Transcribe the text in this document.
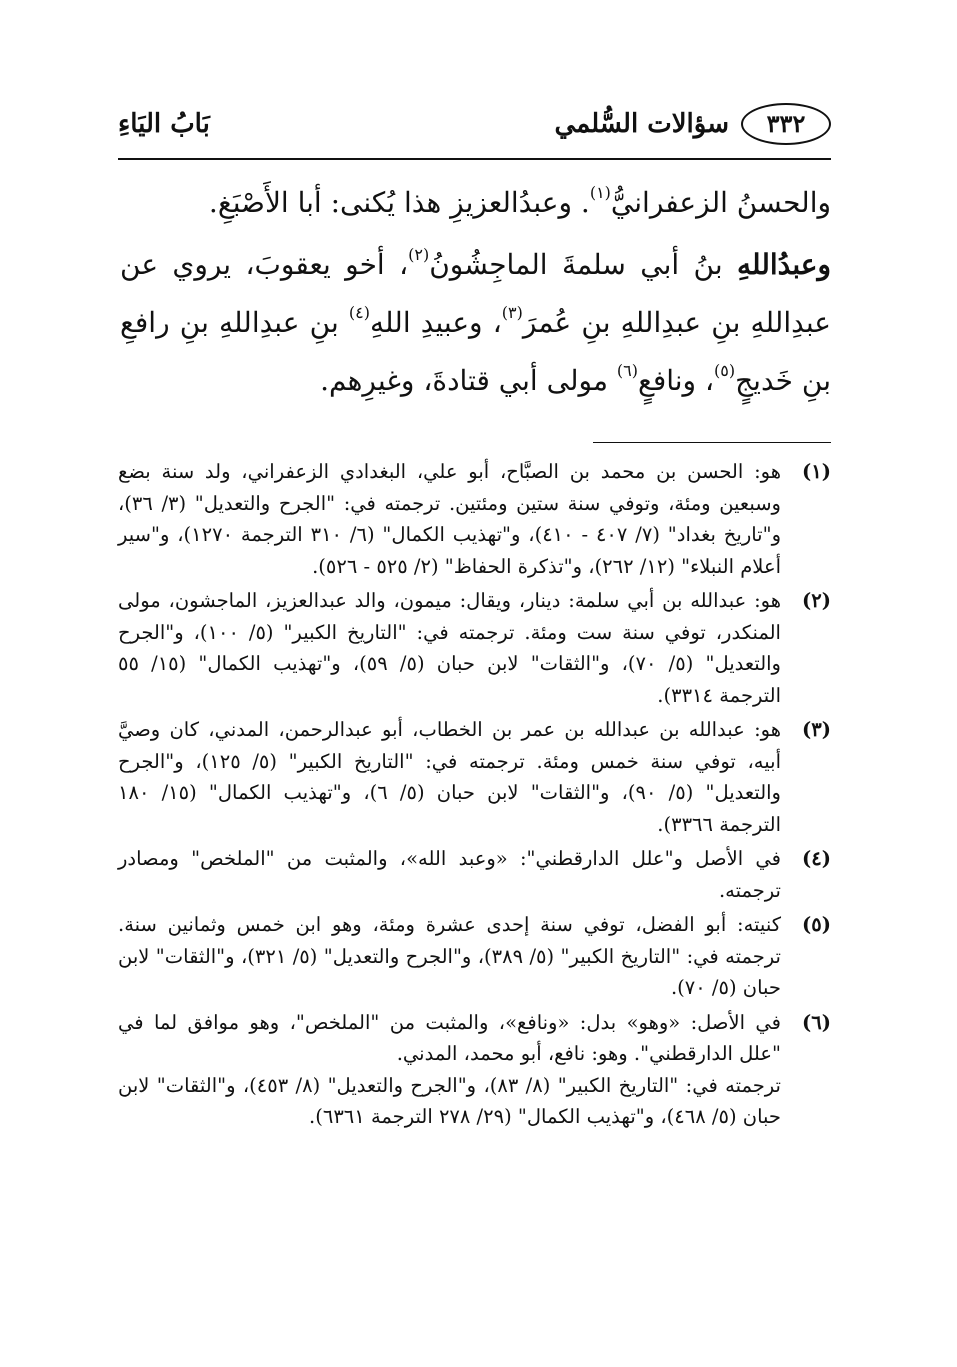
٣٣٢
سؤالات السُّلمي
بَابُ اليَاءِ

والحسنُ الزعفرانيُّ$^{(١)}$. وعبدُالعزيزِ هذا يُكنى: أبا الأَصْبَغِ.

وعبدُاللهِ بنُ أبي سلمةَ الماجِشُونُ$^{(٢)}$، أخو يعقوبَ، يروي عن عبدِاللهِ بنِ عبدِاللهِ بنِ عُمرَ$^{(٣)}$، وعبيدِ اللهِ$^{(٤)}$ بنِ عبدِاللهِ بنِ رافعِ بنِ خَديجٍ$^{(٥)}$، ونافعٍ$^{(٦)}$ مولى أبي قتادةَ، وغيرِهم.

(١)
هو: الحسن بن محمد بن الصبَّاح، أبو علي، البغدادي الزعفراني، ولد سنة بضع وسبعين ومئة، وتوفي سنة ستين ومئتين. ترجمته في: "الجرح والتعديل" (٣/ ٣٦)، و"تاريخ بغداد" (٧/ ٤٠٧ - ٤١٠)، و"تهذيب الكمال" (٦/ ٣١٠ الترجمة ١٢٧٠)، و"سير أعلام النبلاء" (١٢/ ٢٦٢)، و"تذكرة الحفاظ" (٢/ ٥٢٥ - ٥٢٦).
(٢)
هو: عبدالله بن أبي سلمة: دينار، ويقال: ميمون، والد عبدالعزيز، الماجشون، مولى المنكدر، توفي سنة ست ومئة. ترجمته في: "التاريخ الكبير" (٥/ ١٠٠)، و"الجرح والتعديل" (٥/ ٧٠)، و"الثقات" لابن حبان (٥/ ٥٩)، و"تهذيب الكمال" (١٥/ ٥٥ الترجمة ٣٣١٤).
(٣)
هو: عبدالله بن عبدالله بن عمر بن الخطاب، أبو عبدالرحمن، المدني، كان وصيَّ أبيه، توفي سنة خمس ومئة. ترجمته في: "التاريخ الكبير" (٥/ ١٢٥)، و"الجرح والتعديل" (٥/ ٩٠)، و"الثقات" لابن حبان (٥/ ٦)، و"تهذيب الكمال" (١٥/ ١٨٠ الترجمة ٣٣٦٦).
(٤)
في الأصل و"علل الدارقطني": «وعبد الله»، والمثبت من "الملخص" ومصادر ترجمته.
(٥)
كنيته: أبو الفضل، توفي سنة إحدى عشرة ومئة، وهو ابن خمس وثمانين سنة. ترجمته في: "التاريخ الكبير" (٥/ ٣٨٩)، و"الجرح والتعديل" (٥/ ٣٢١)، و"الثقات" لابن حبان (٥/ ٧٠).
(٦)

في الأصل: «وهو» بدل: «ونافع»، والمثبت من "الملخص"، وهو موافق لما في "علل الدارقطني". وهو: نافع، أبو محمد، المدني.

ترجمته في: "التاريخ الكبير" (٨/ ٨٣)، و"الجرح والتعديل" (٨/ ٤٥٣)، و"الثقات" لابن حبان (٥/ ٤٦٨)، و"تهذيب الكمال" (٢٩/ ٢٧٨ الترجمة ٦٣٦١).
